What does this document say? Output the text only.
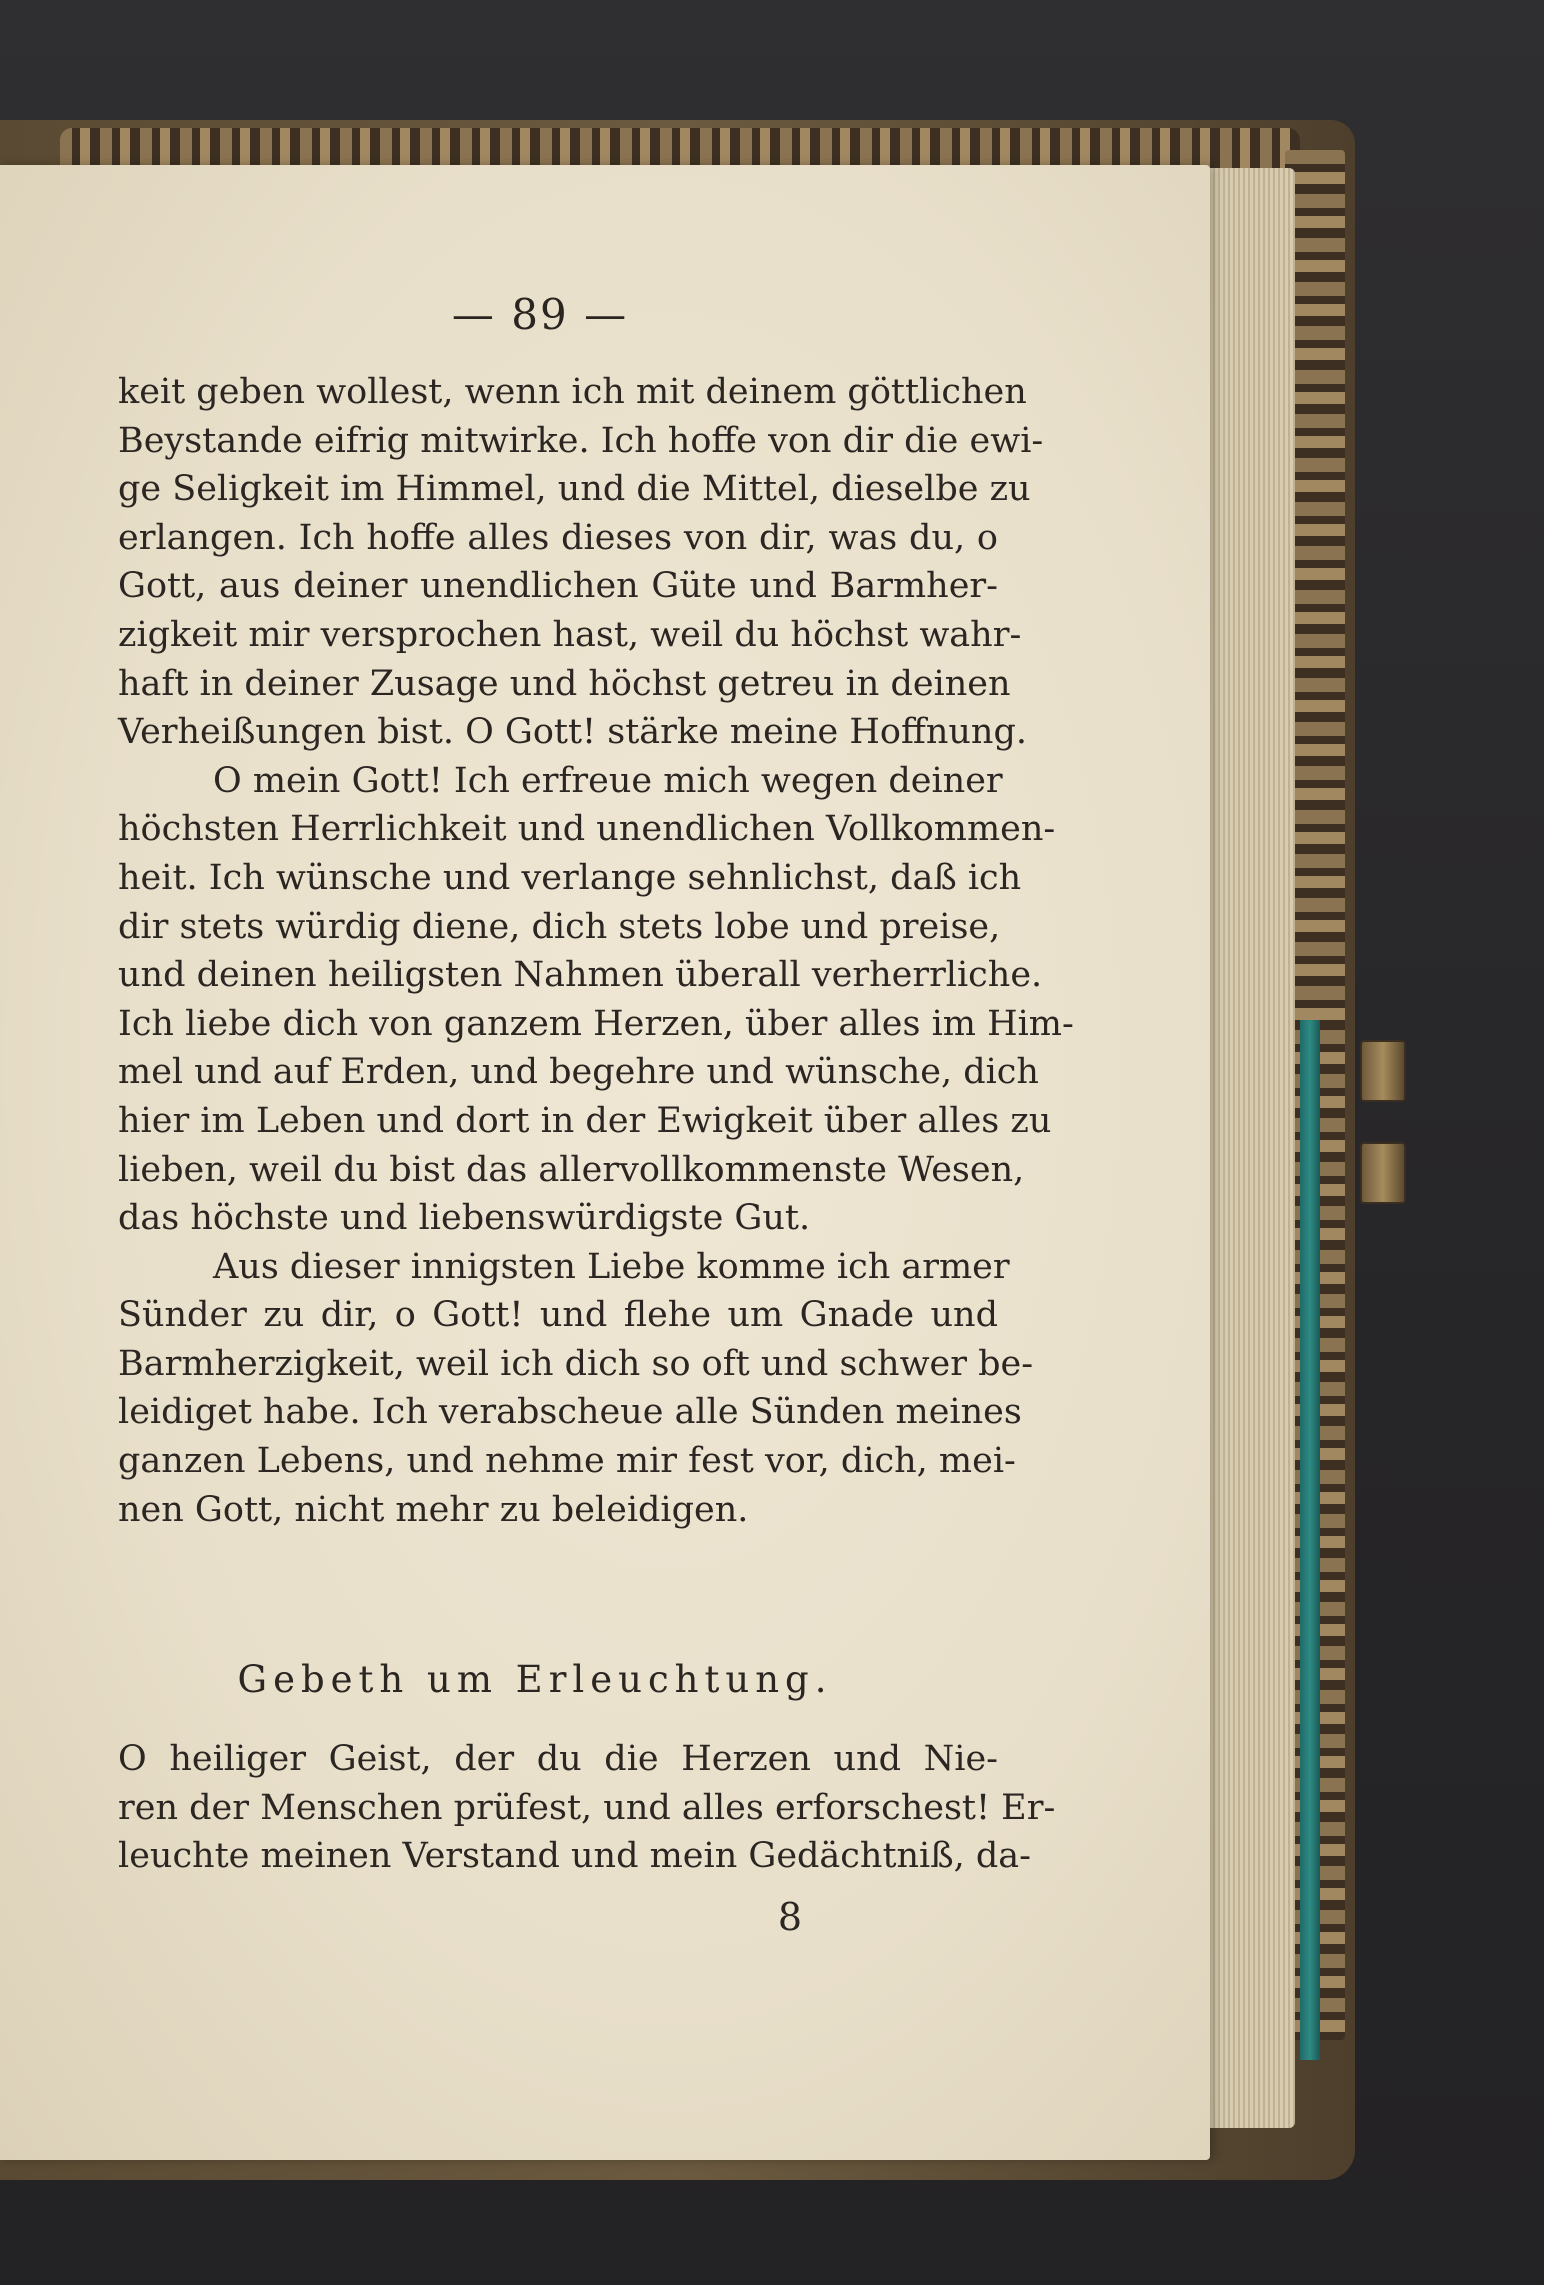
— 89 —
keit geben wollest, wenn ich mit deinem göttlichen
Beystande eifrig mitwirke. Ich hoffe von dir die ewi-
ge Seligkeit im Himmel, und die Mittel, dieselbe zu
erlangen. Ich hoffe alles dieses von dir, was du, o
Gott, aus deiner unendlichen Güte und Barmher-
zigkeit mir versprochen hast, weil du höchst wahr-
haft in deiner Zusage und höchst getreu in deinen
Verheißungen bist. O Gott! stärke meine Hoffnung.
O mein Gott! Ich erfreue mich wegen deiner
höchsten Herrlichkeit und unendlichen Vollkommen-
heit. Ich wünsche und verlange sehnlichst, daß ich
dir stets würdig diene, dich stets lobe und preise,
und deinen heiligsten Nahmen überall verherrliche.
Ich liebe dich von ganzem Herzen, über alles im Him-
mel und auf Erden, und begehre und wünsche, dich
hier im Leben und dort in der Ewigkeit über alles zu
lieben, weil du bist das allervollkommenste Wesen,
das höchste und liebenswürdigste Gut.
Aus dieser innigsten Liebe komme ich armer
Sünder zu dir, o Gott! und flehe um Gnade und
Barmherzigkeit, weil ich dich so oft und schwer be-
leidiget habe. Ich verabscheue alle Sünden meines
ganzen Lebens, und nehme mir fest vor, dich, mei-
nen Gott, nicht mehr zu beleidigen.
Gebeth um Erleuchtung.
O heiliger Geist, der du die Herzen und Nie-
ren der Menschen prüfest, und alles erforschest! Er-
leuchte meinen Verstand und mein Gedächtniß, da-
8
